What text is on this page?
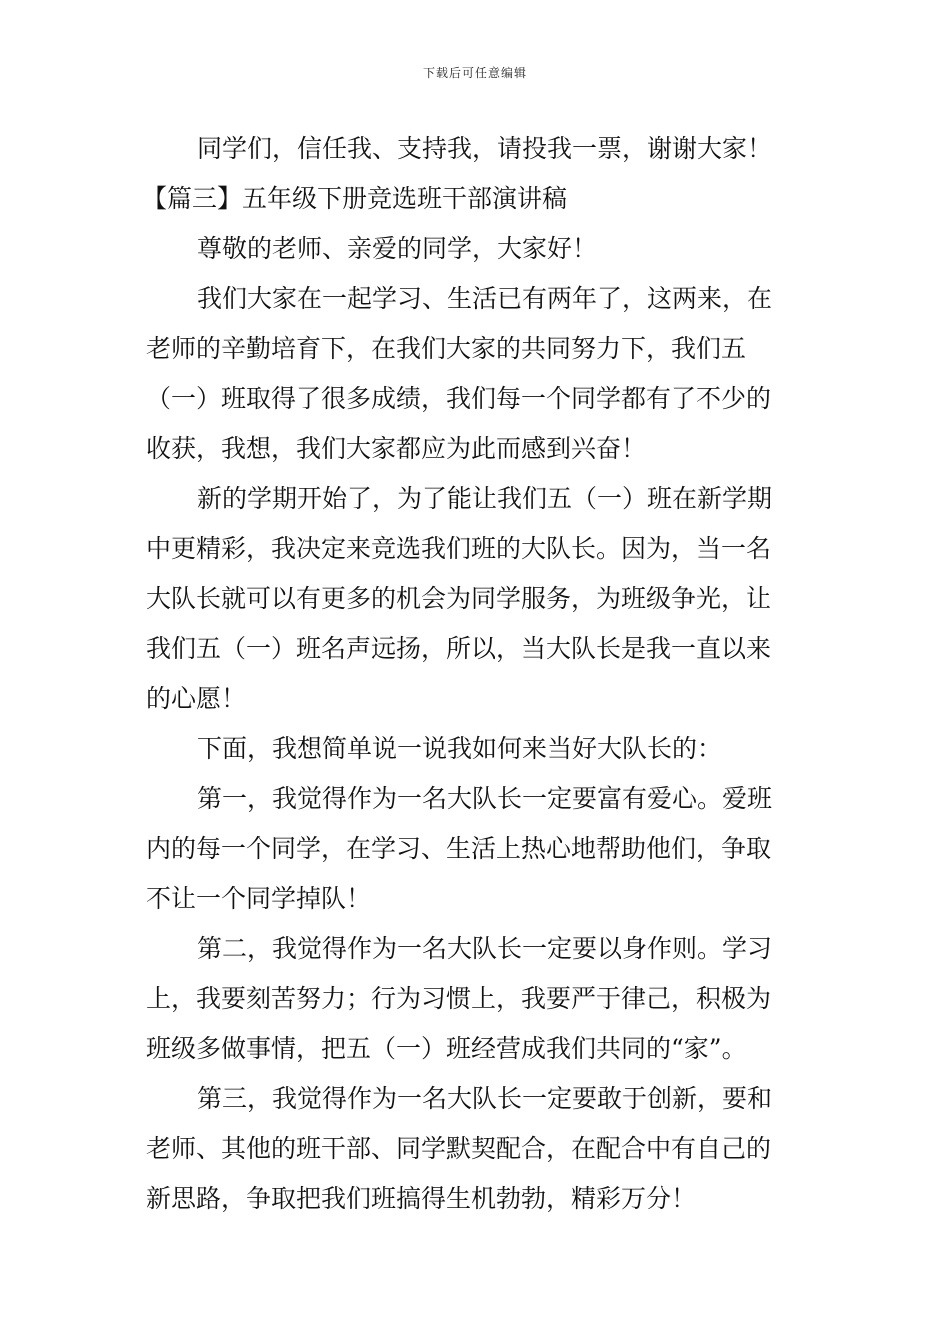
下载后可任意编辑
同学们，信任我、支持我，请投我一票，谢谢大家！
【篇三】五年级下册竞选班干部演讲稿
尊敬的老师、亲爱的同学，大家好！
我们大家在一起学习、生活已有两年了，这两来，在
老师的辛勤培育下，在我们大家的共同努力下，我们五
（一）班取得了很多成绩，我们每一个同学都有了不少的
收获，我想，我们大家都应为此而感到兴奋！
新的学期开始了，为了能让我们五（一）班在新学期
中更精彩，我决定来竞选我们班的大队长。因为，当一名
大队长就可以有更多的机会为同学服务，为班级争光，让
我们五（一）班名声远扬，所以，当大队长是我一直以来
的心愿！
下面，我想简单说一说我如何来当好大队长的：
第一，我觉得作为一名大队长一定要富有爱心。爱班
内的每一个同学，在学习、生活上热心地帮助他们，争取
不让一个同学掉队！
第二，我觉得作为一名大队长一定要以身作则。学习
上，我要刻苦努力；行为习惯上，我要严于律己，积极为
班级多做事情，把五（一）班经营成我们共同的“家”。
第三，我觉得作为一名大队长一定要敢于创新，要和
老师、其他的班干部、同学默契配合，在配合中有自己的
新思路，争取把我们班搞得生机勃勃，精彩万分！
